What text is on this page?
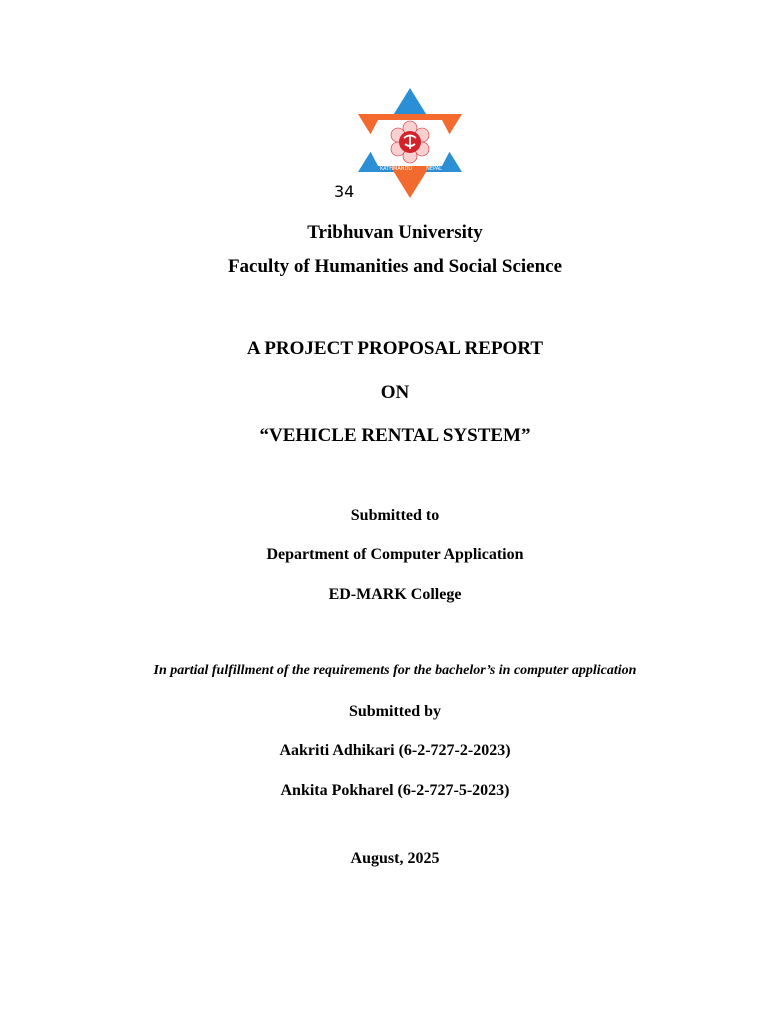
KATHMANDU	NEPAL
34
Tribhuvan University
Faculty of Humanities and Social Science
A PROJECT PROPOSAL REPORT
ON
“VEHICLE RENTAL SYSTEM”
Submitted to
Department of Computer Application
ED-MARK College
In partial fulfillment of the requirements for the bachelor’s in computer application
Submitted by
Aakriti Adhikari (6-2-727-2-2023)
Ankita Pokharel (6-2-727-5-2023)
August, 2025
